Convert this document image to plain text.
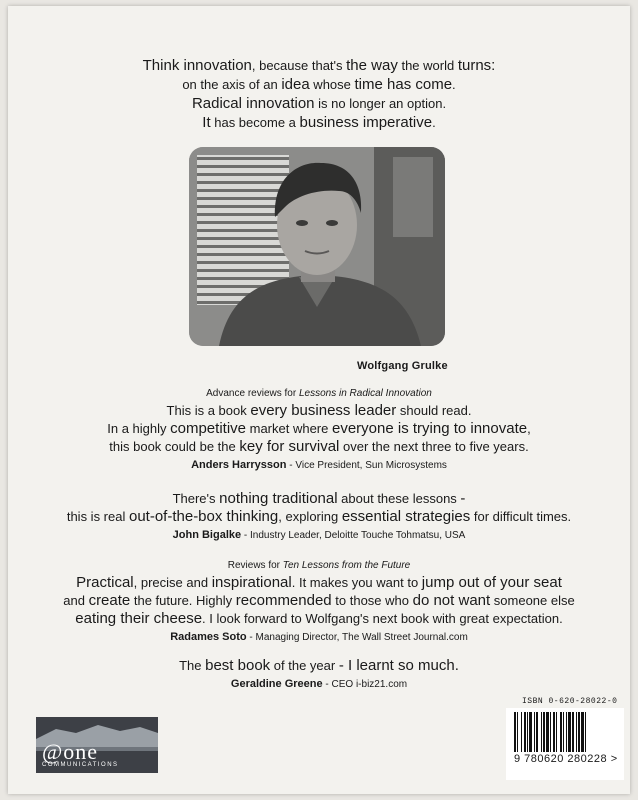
Think innovation, because that's the way the world turns:
on the axis of an idea whose time has come.
Radical innovation is no longer an option.
It has become a business imperative.
Wolfgang Grulke
Advance reviews for Lessons in Radical Innovation
This is a book every business leader should read.
In a highly competitive market where everyone is trying to innovate,
this book could be the key for survival over the next three to five years.
Anders Harrysson - Vice President, Sun Microsystems
There's nothing traditional about these lessons -
this is real out-of-the-box thinking, exploring essential strategies for difficult times.
John Bigalke - Industry Leader, Deloitte Touche Tohmatsu, USA
Reviews for Ten Lessons from the Future
Practical, precise and inspirational. It makes you want to jump out of your seat
and create the future. Highly recommended to those who do not want someone else
eating their cheese. I look forward to Wolfgang's next book with great expectation.
Radames Soto - Managing Director, The Wall Street Journal.com
The best book of the year - I learnt so much.
Geraldine Greene - CEO i-biz21.com
@one
COMMUNICATIONS
ISBN 0-620-28022-0
9 780620 280228 >
